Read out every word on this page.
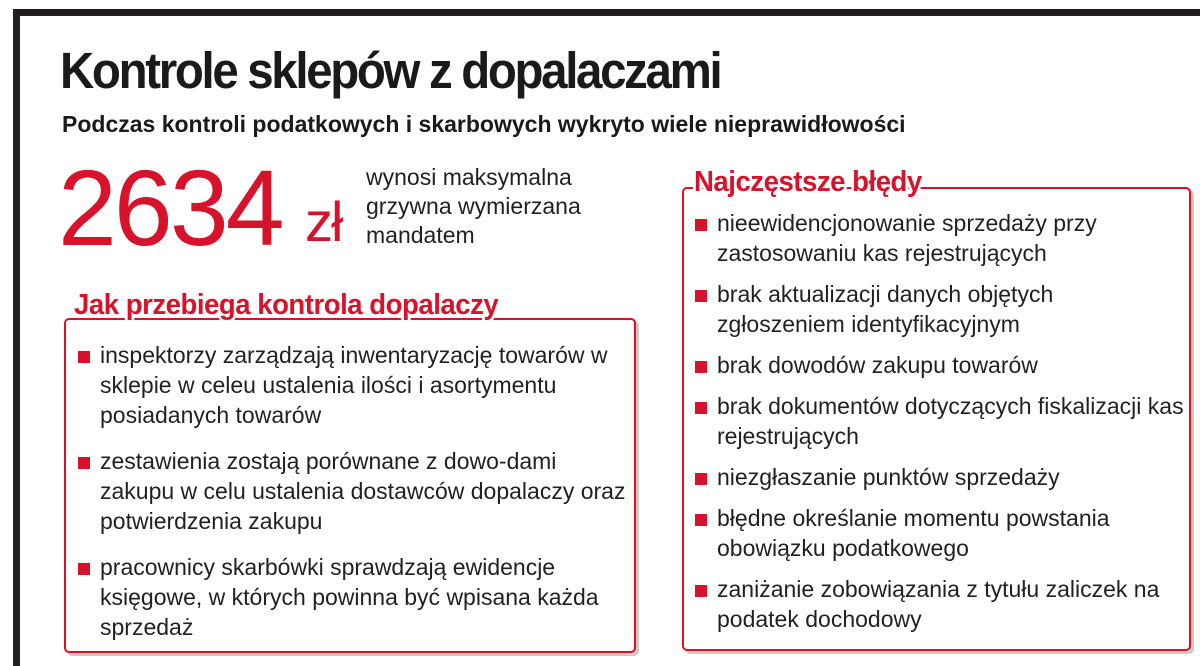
Kontrole sklepów z dopalaczami
Podczas kontroli podatkowych i skarbowych wykryto wiele nieprawidłowości
2634 zł
wynosi maksymalna grzywna wymierzana mandatem
Jak przebiega kontrola dopalaczy
inspektorzy zarządzają inwentaryzację towarów w sklepie w celeu ustalenia ilości i asortymentu posiadanych towarów
zestawienia zostają porównane z dowo-dami zakupu w celu ustalenia dostawców dopalaczy oraz potwierdzenia zakupu
pracownicy skarbówki sprawdzają ewidencje księgowe, w których powinna być wpisana każda sprzedaż
Najczęstsze błędy
nieewidencjonowanie sprzedaży przy zastosowaniu kas rejestrujących
brak aktualizacji danych objętych zgłoszeniem identyfikacyjnym
brak dowodów zakupu towarów
brak dokumentów dotyczących fiskalizacji kas rejestrujących
niezgłaszanie punktów sprzedaży
błędne określanie momentu powstania obowiązku podatkowego
zaniżanie zobowiązania z tytułu zaliczek na podatek dochodowy
